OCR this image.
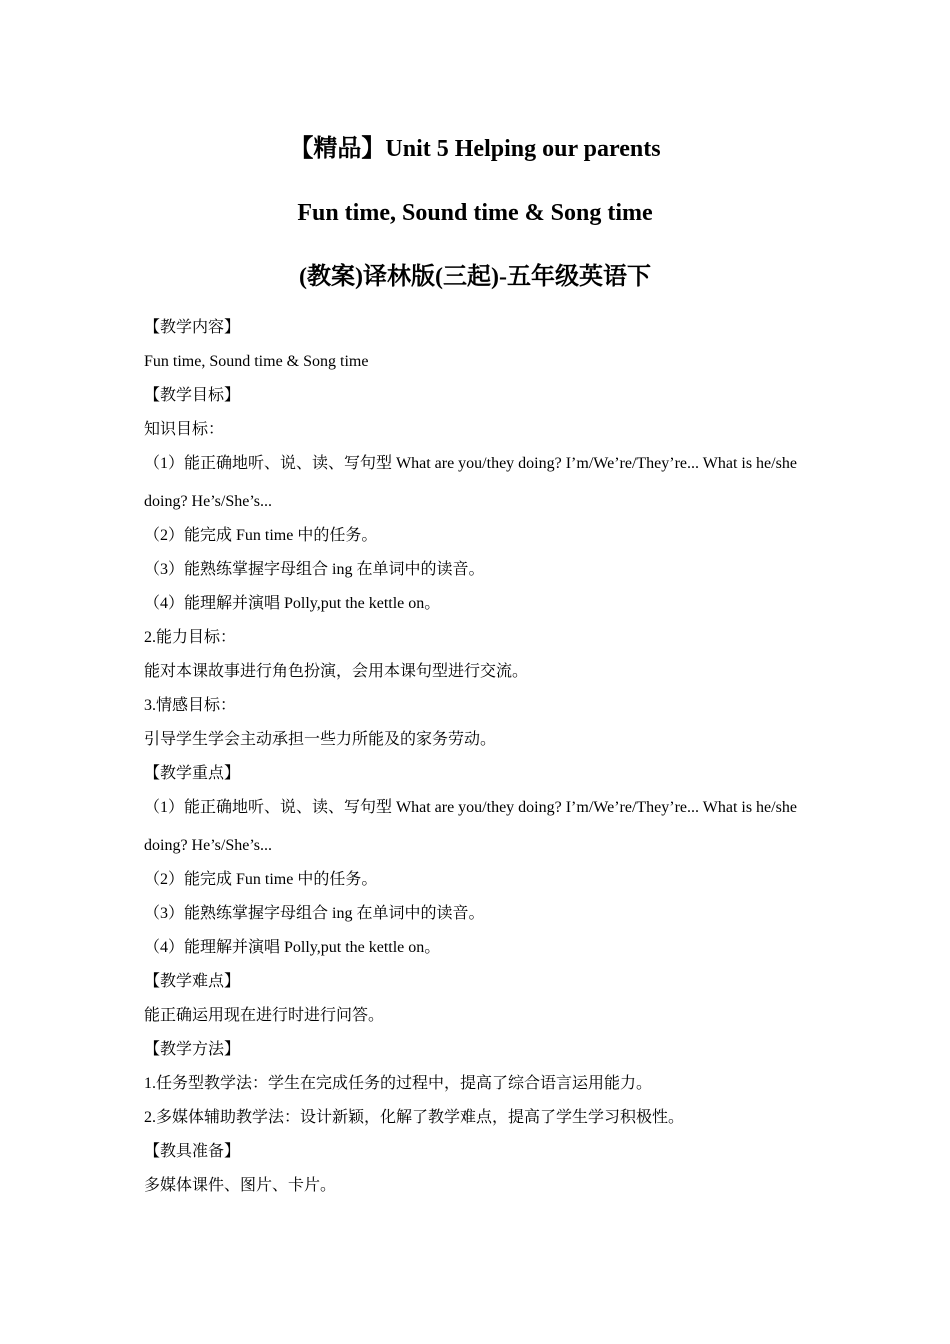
【精品】Unit 5 Helping our parents
Fun time, Sound time & Song time
(教案)译林版(三起)-五年级英语下
【教学内容】
Fun time, Sound time & Song time
【教学目标】
知识目标：
（1）能正确地听、说、读、写句型 What are you/they doing? I’m/We’re/They’re... What is he/she
doing? He’s/She’s...
（2）能完成 Fun time 中的任务。
（3）能熟练掌握字母组合 ing 在单词中的读音。
（4）能理解并演唱 Polly,put the kettle on。
2.能力目标：
能对本课故事进行角色扮演，会用本课句型进行交流。
3.情感目标：
引导学生学会主动承担一些力所能及的家务劳动。
【教学重点】
（1）能正确地听、说、读、写句型 What are you/they doing? I’m/We’re/They’re... What is he/she
doing? He’s/She’s...
（2）能完成 Fun time 中的任务。
（3）能熟练掌握字母组合 ing 在单词中的读音。
（4）能理解并演唱 Polly,put the kettle on。
【教学难点】
能正确运用现在进行时进行问答。
【教学方法】
1.任务型教学法：学生在完成任务的过程中，提高了综合语言运用能力。
2.多媒体辅助教学法：设计新颖，化解了教学难点，提高了学生学习积极性。
【教具准备】
多媒体课件、图片、卡片。
